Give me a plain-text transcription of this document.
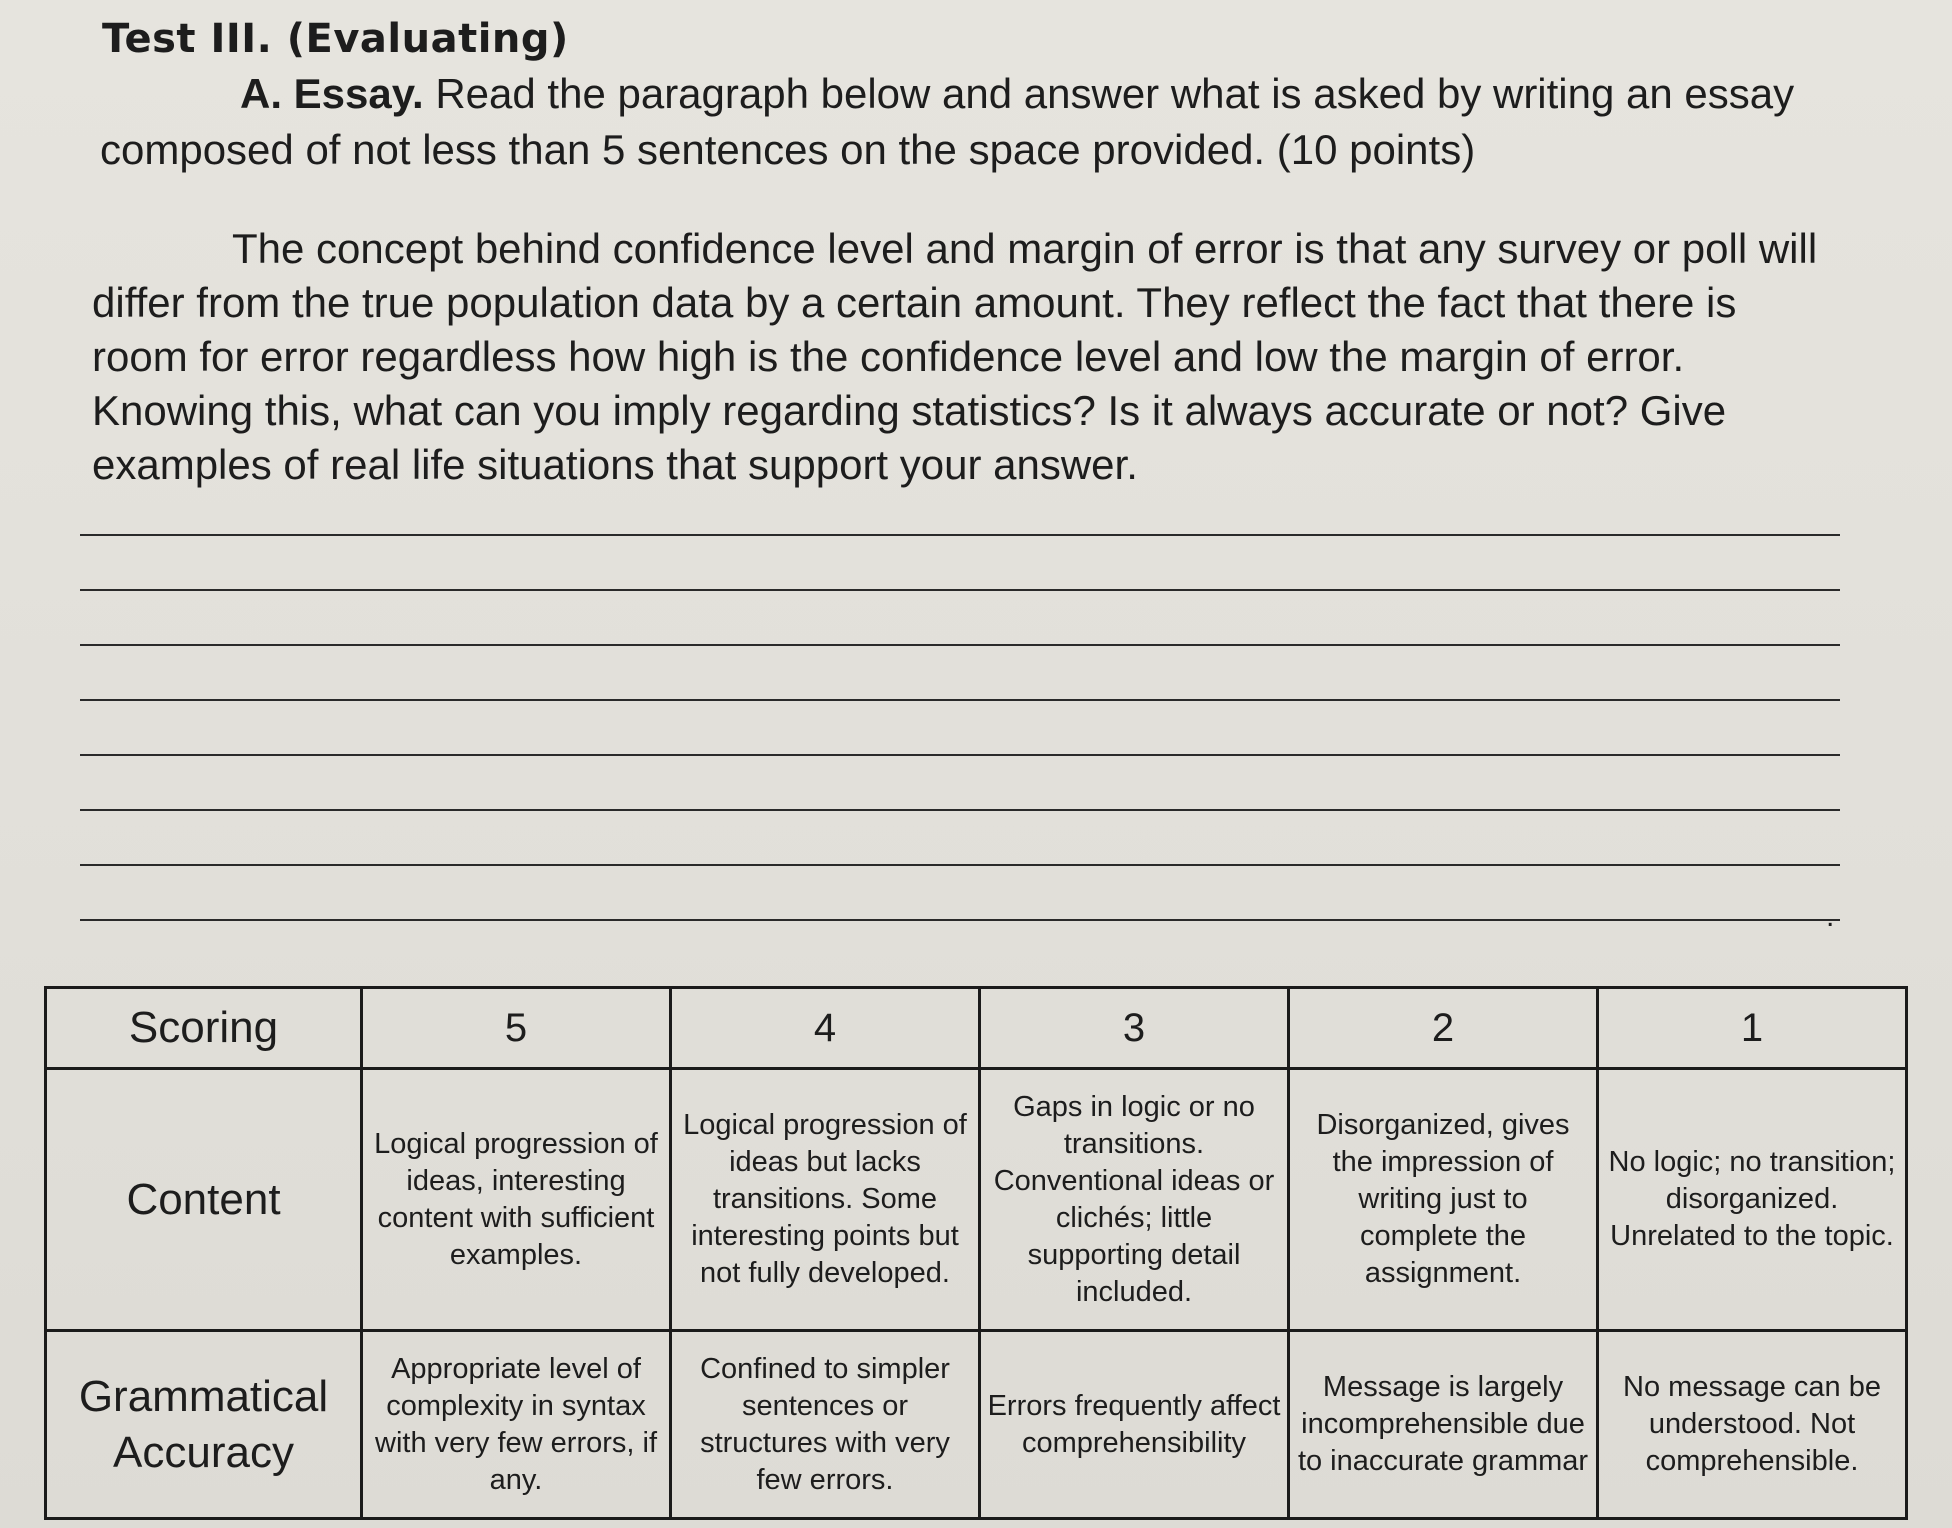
Test III. (Evaluating)

A. Essay. Read the paragraph below and answer what is asked by writing an essay composed of not less than 5 sentences on the space provided. (10 points)

The concept behind confidence level and margin of error is that any survey or poll will differ from the true population data by a certain amount. They reflect the fact that there is room for error regardless how high is the confidence level and low the margin of error. Knowing this, what can you imply regarding statistics? Is it always accurate or not? Give examples of real life situations that support your answer.

.
Scoring	5	4	3	2	1
Content	Logical progression of ideas, interesting content with sufficient examples.	Logical progression of ideas but lacks transitions. Some interesting points but not fully developed.	Gaps in logic or no transitions. Conventional ideas or clichés; little supporting detail included.	Disorganized, gives the impression of writing just to complete the assignment.	No logic; no transition; disorganized. Unrelated to the topic.
Grammatical Accuracy	Appropriate level of complexity in syntax with very few errors, if any.	Confined to simpler sentences or structures with very few errors.	Errors frequently affect comprehensibility	Message is largely incomprehensible due to inaccurate grammar	No message can be understood. Not comprehensible.
